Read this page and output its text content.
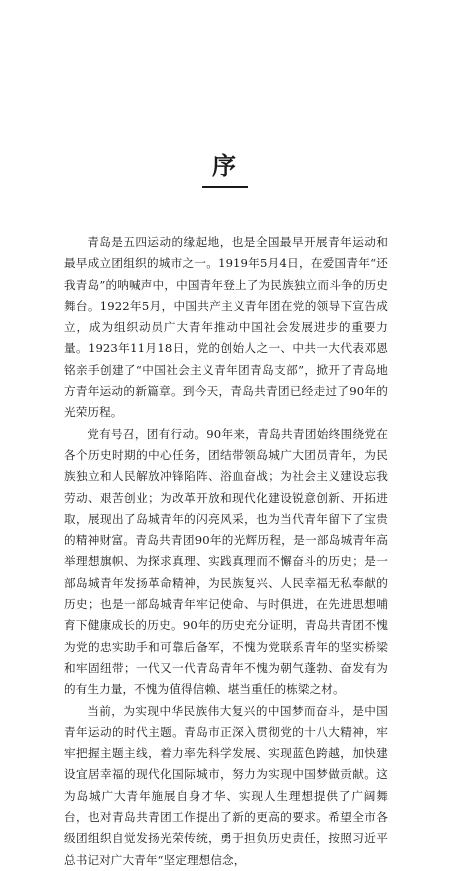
序

青岛是五四运动的缘起地，也是全国最早开展青年运动和最早成立团组织的城市之一。1919年5月4日，在爱国青年“还我青岛”的呐喊声中，中国青年登上了为民族独立而斗争的历史舞台。1922年5月，中国共产主义青年团在党的领导下宣告成立，成为组织动员广大青年推动中国社会发展进步的重要力量。1923年11月18日，党的创始人之一、中共一大代表邓恩铭亲手创建了“中国社会主义青年团青岛支部”，掀开了青岛地方青年运动的新篇章。到今天，青岛共青团已经走过了90年的光荣历程。

党有号召，团有行动。90年来，青岛共青团始终围绕党在各个历史时期的中心任务，团结带领岛城广大团员青年，为民族独立和人民解放冲锋陷阵、浴血奋战；为社会主义建设忘我劳动、艰苦创业；为改革开放和现代化建设锐意创新、开拓进取，展现出了岛城青年的闪亮风采，也为当代青年留下了宝贵的精神财富。青岛共青团90年的光辉历程，是一部岛城青年高举理想旗帜、为探求真理、实践真理而不懈奋斗的历史；是一部岛城青年发扬革命精神，为民族复兴、人民幸福无私奉献的历史；也是一部岛城青年牢记使命、与时俱进，在先进思想哺育下健康成长的历史。90年的历史充分证明，青岛共青团不愧为党的忠实助手和可靠后备军，不愧为党联系青年的坚实桥梁和牢固纽带；一代又一代青岛青年不愧为朝气蓬勃、奋发有为的有生力量，不愧为值得信赖、堪当重任的栋梁之材。

当前，为实现中华民族伟大复兴的中国梦而奋斗，是中国青年运动的时代主题。青岛市正深入贯彻党的十八大精神，牢牢把握主题主线，着力率先科学发展、实现蓝色跨越，加快建设宜居幸福的现代化国际城市，努力为实现中国梦做贡献。这为岛城广大青年施展自身才华、实现人生理想提供了广阔舞台，也对青岛共青团工作提出了新的更高的要求。希望全市各级团组织自觉发扬光荣传统，勇于担负历史责任，按照习近平总书记对广大青年“坚定理想信念，
